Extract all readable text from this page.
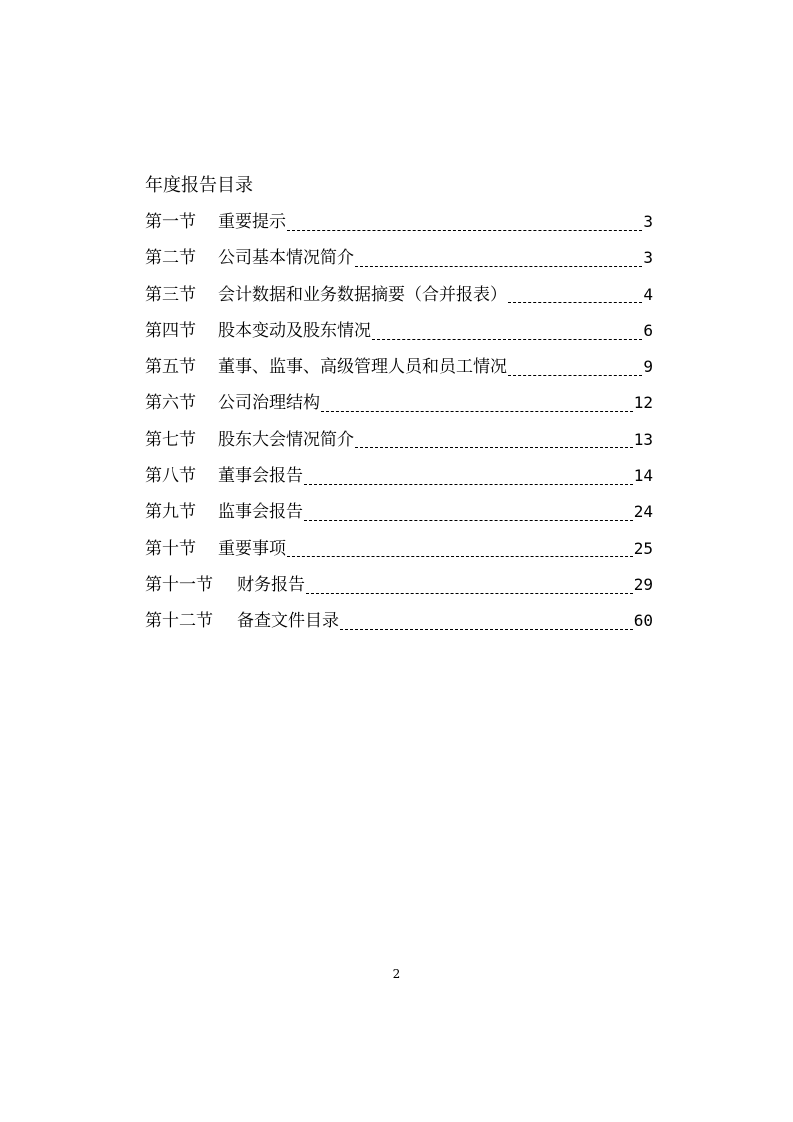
年度报告目录
第一节 重要提示	3
第二节 公司基本情况简介	3
第三节 会计数据和业务数据摘要（合并报表）	4
第四节 股本变动及股东情况	6
第五节 董事、监事、高级管理人员和员工情况	9
第六节 公司治理结构	12
第七节 股东大会情况简介	13
第八节 董事会报告	14
第九节 监事会报告	24
第十节 重要事项	25
第十一节 财务报告	29
第十二节 备查文件目录	60
2
